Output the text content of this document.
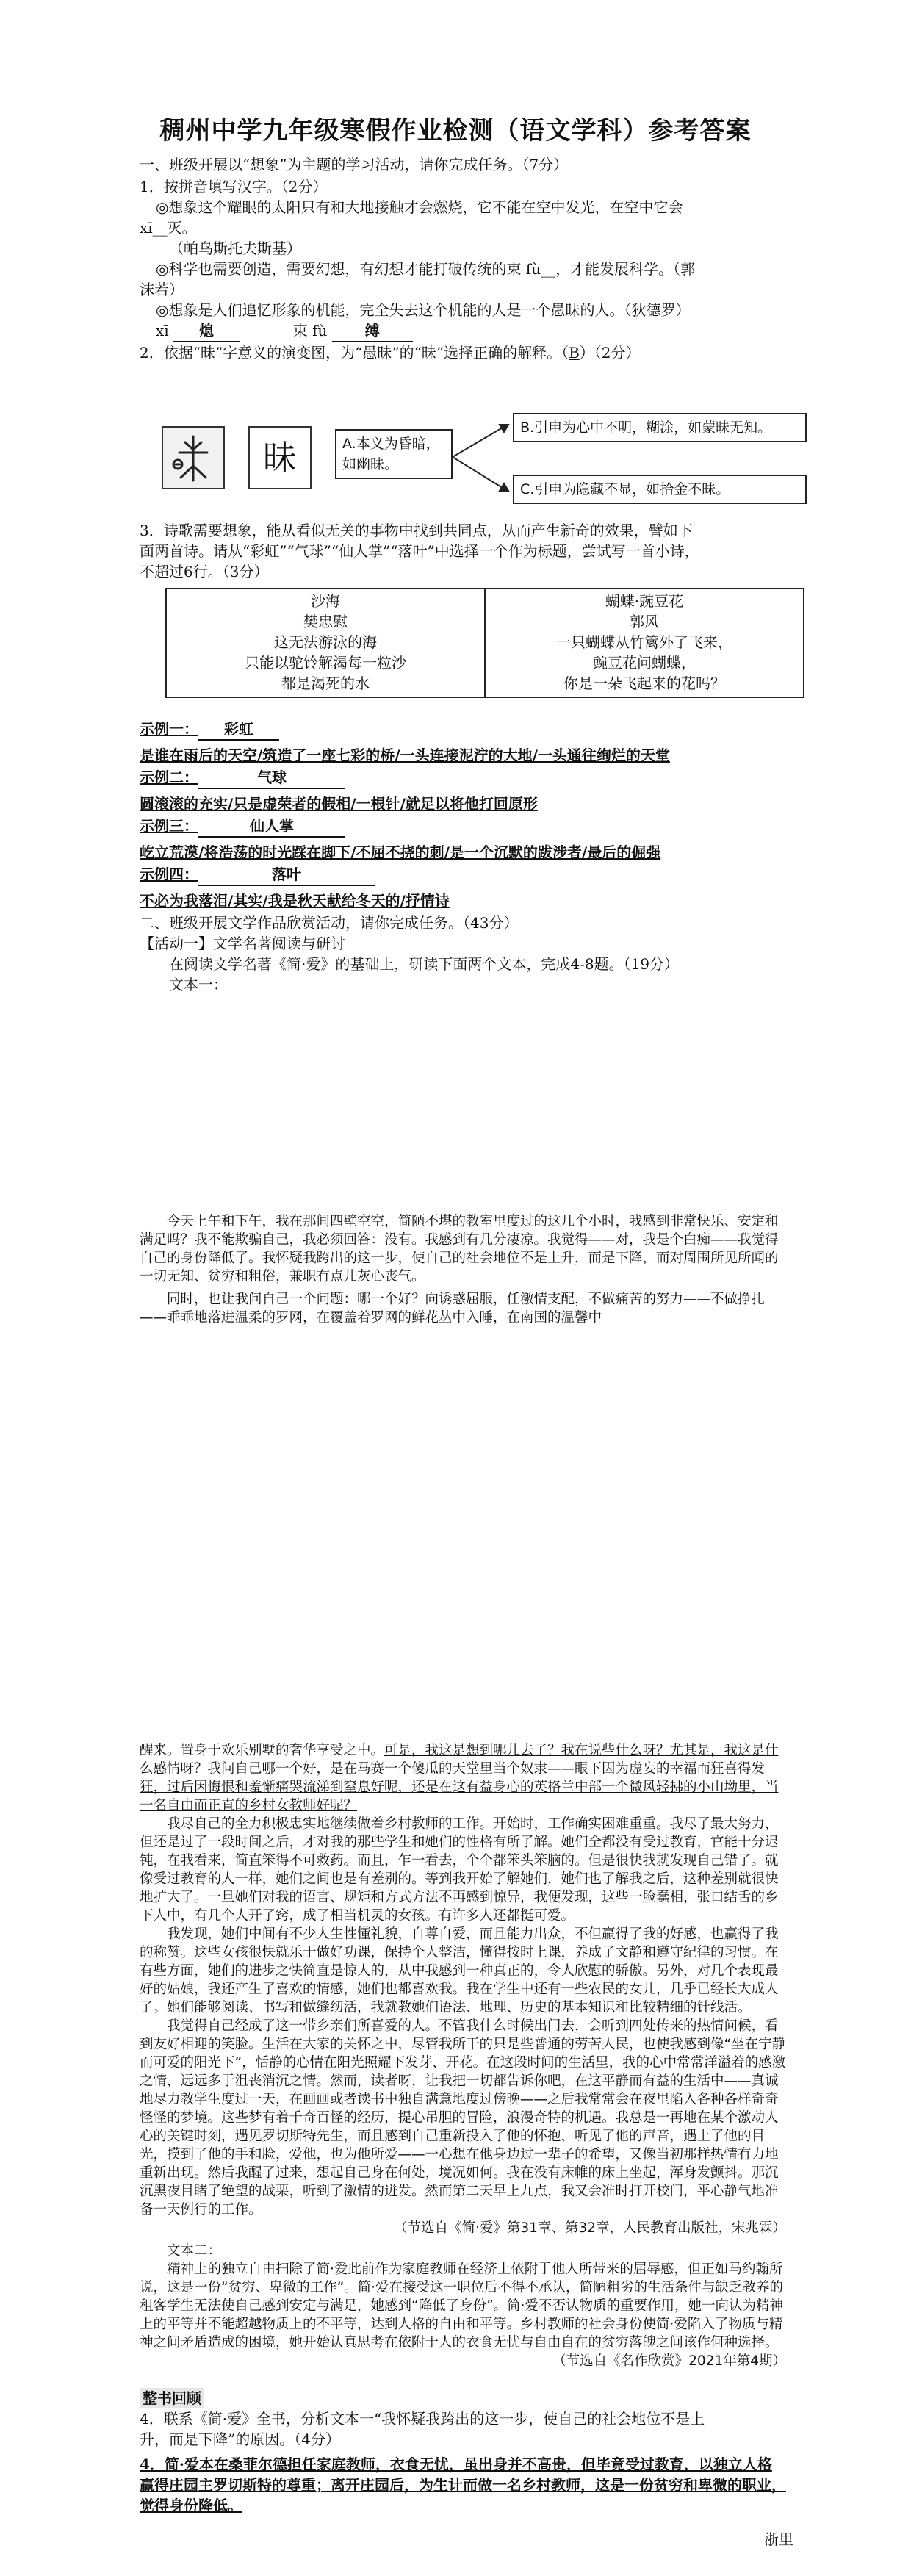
稠州中学九年级寒假作业检测（语文学科）参考答案

一、班级开展以“想象”为主题的学习活动，请你完成任务。（7分）

1．按拼音填写汉字。（2分）

◎想象这个耀眼的太阳只有和大地接触才会燃烧，它不能在空中发光，在空中它会

xī__灭。

（帕乌斯托夫斯基）

◎科学也需要创造，需要幻想，有幻想才能打破传统的束 fù__，才能发展科学。（郭

沫若）

◎想象是人们追忆形象的机能，完全失去这个机能的人是一个愚昧的人。（狄德罗）

xī 熄	束 fù	缚

2．依据“昧”字意义的演变图，为“愚昧”的“昧”选择正确的解释。（B）（2分）

昧	A.本义为昏暗，如幽昧。
B.引申为心中不明，糊涂，如蒙昧无知。
C.引申为隐藏不显，如拾金不昧。

3．诗歌需要想象，能从看似无关的事物中找到共同点，从而产生新奇的效果，譬如下

面两首诗。请从“彩虹”“气球”“仙人掌”“落叶”中选择一个作为标题，尝试写一首小诗，

不超过6行。（3分）

沙海
樊忠慰
这无法游泳的海
只能以驼铃解渴每一粒沙
都是渴死的水

蝴蝶·豌豆花
郭风
一只蝴蝶从竹篱外了飞来，
豌豆花问蝴蝶，
你是一朵飞起来的花吗？

示例一： 彩虹

是谁在雨后的天空/筑造了一座七彩的桥/一头连接泥泞的大地/一头通往绚烂的天堂

示例二：	气球

圆滚滚的充实/只是虚荣者的假相/一根针/就足以将他打回原形

示例三：	仙人掌

屹立荒漠/将浩荡的时光踩在脚下/不屈不挠的刺/是一个沉默的跋涉者/最后的倔强

示例四：	落叶

不必为我落泪/其实/我是秋天献给冬天的/抒情诗

二、班级开展文学作品欣赏活动，请你完成任务。（43分）

【活动一】文学名著阅读与研讨

在阅读文学名著《简·爱》的基础上，研读下面两个文本，完成4-8题。（19分）

文本一：

今天上午和下午，我在那间四壁空空，简陋不堪的教室里度过的这几个小时，我感到非常快乐、安定和满足吗？我不能欺骗自己，我必须回答：没有。我感到有几分凄凉。我觉得——对，我是个白痴——我觉得自己的身份降低了。我怀疑我跨出的这一步，使自己的社会地位不是上升，而是下降，而对周围所见所闻的一切无知、贫穷和粗俗，兼职有点儿灰心丧气。

同时，也让我问自己一个问题：哪一个好？向诱惑屈服，任激情支配，不做痛苦的努力——不做挣扎——乖乖地落进温柔的罗网，在覆盖着罗网的鲜花丛中入睡，在南国的温馨中

醒来。置身于欢乐别墅的奢华享受之中。可是，我这是想到哪儿去了？我在说些什么呀？尤其是，我这是什么感情呀？我问自己哪一个好，是在马赛一个傻瓜的天堂里当个奴隶——眼下因为虚妄的幸福而狂喜得发狂，过后因悔恨和羞惭痛哭流涕到窒息好呢，还是在这有益身心的英格兰中部一个微风轻拂的小山坳里，当一名自由而正直的乡村女教师好呢？

我尽自己的全力积极忠实地继续做着乡村教师的工作。开始时，工作确实困难重重。我尽了最大努力，但还是过了一段时间之后，才对我的那些学生和她们的性格有所了解。她们全都没有受过教育，官能十分迟钝，在我看来，简直笨得不可救药。而且，乍一看去，个个都笨头笨脑的。但是很快我就发现自己错了。就像受过教育的人一样，她们之间也是有差别的。等到我开始了解她们，她们也了解我之后，这种差别就很快地扩大了。一旦她们对我的语言、规矩和方式方法不再感到惊异，我便发现，这些一脸蠢相，张口结舌的乡下人中，有几个人开了窍，成了相当机灵的女孩。有许多人还都挺可爱。

我发现，她们中间有不少人生性懂礼貌，自尊自爱，而且能力出众，不但赢得了我的好感，也赢得了我的称赞。这些女孩很快就乐于做好功课，保持个人整洁，懂得按时上课，养成了文静和遵守纪律的习惯。在有些方面，她们的进步之快简直是惊人的，从中我感到一种真正的，令人欣慰的骄傲。另外，对几个表现最好的姑娘，我还产生了喜欢的情感，她们也都喜欢我。我在学生中还有一些农民的女儿，几乎已经长大成人了。她们能够阅读、书写和做缝纫活，我就教她们语法、地理、历史的基本知识和比较精细的针线活。

我觉得自己经成了这一带乡亲们所喜爱的人。不管我什么时候出门去，会听到四处传来的热情问候，看到友好相迎的笑脸。生活在大家的关怀之中，尽管我所干的只是些普通的劳苦人民，也使我感到像“坐在宁静而可爱的阳光下”，恬静的心情在阳光照耀下发芽、开花。在这段时间的生活里，我的心中常常洋溢着的感激之情，远远多于沮丧消沉之情。然而，读者呀，让我把一切都告诉你吧，在这平静而有益的生活中——真诚地尽力教学生度过一天，在画画或者读书中独自满意地度过傍晚——之后我常常会在夜里陷入各种各样奇奇怪怪的梦境。这些梦有着千奇百怪的经历，提心吊胆的冒险，浪漫奇特的机遇。我总是一再地在某个激动人心的关键时刻，遇见罗切斯特先生，而且感到自己重新投入了他的怀抱，听见了他的声音，遇上了他的目光，摸到了他的手和脸，爱他，也为他所爱——一心想在他身边过一辈子的希望，又像当初那样热情有力地重新出现。然后我醒了过来，想起自己身在何处，境况如何。我在没有床帷的床上坐起，浑身发颤抖。那沉沉黑夜目睹了绝望的战栗，听到了激情的迸发。然而第二天早上九点，我又会准时打开校门，平心静气地准备一天例行的工作。

（节选自《简·爱》第31章、第32章，人民教育出版社，宋兆霖）

文本二：

精神上的独立自由扫除了简·爱此前作为家庭教师在经济上依附于他人所带来的屈辱感，但正如马约翰所说，这是一份“贫穷、卑微的工作”。简·爱在接受这一职位后不得不承认，简陋粗劣的生活条件与缺乏教养的租客学生无法使自己感到安定与满足，她感到“降低了身份”。简·爱不否认物质的重要作用，她一向认为精神上的平等并不能超越物质上的不平等，达到人格的自由和平等。乡村教师的社会身份使简·爱陷入了物质与精神之间矛盾造成的困境，她开始认真思考在依附于人的衣食无忧与自由自在的贫穷落魄之间该作何种选择。

（节选自《名作欣赏》2021年第4期）

整书回顾

4．联系《简·爱》全书，分析文本一“我怀疑我跨出的这一步，使自己的社会地位不是上

升，而是下降”的原因。（4分）

4．简·爱本在桑菲尔德担任家庭教师，衣食无忧，虽出身并不高贵，但毕竟受过教育，以独立人格赢得庄园主罗切斯特的尊重；离开庄园后，为生计而做一名乡村教师，这是一份贫穷和卑微的职业，觉得身份降低。

浙里
